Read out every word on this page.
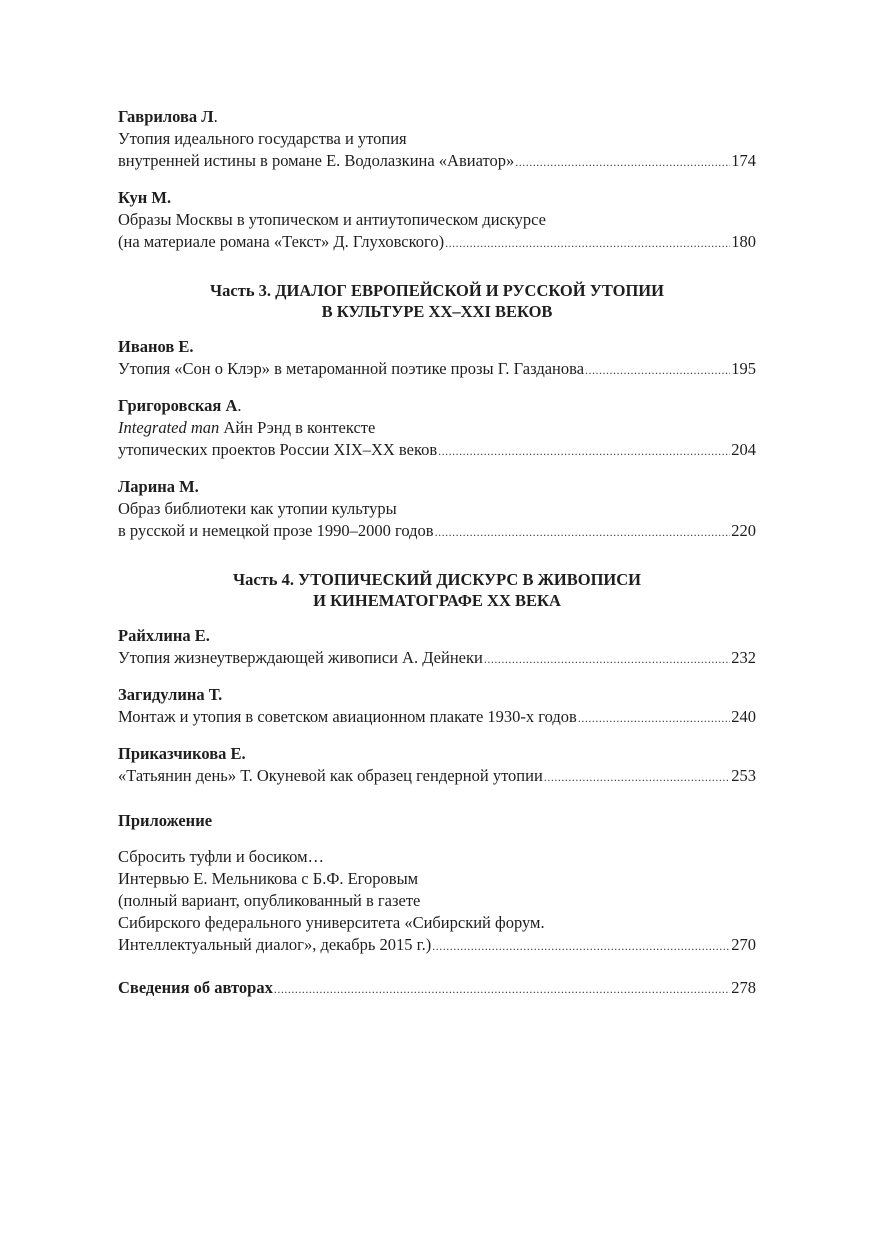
Гаврилова Л.
Утопия идеального государства и утопия
внутренней истины в романе Е. Водолазкина «Авиатор» .....	174
Кун М.
Образы Москвы в утопическом и антиутопическом дискурсе
(на материале романа «Текст» Д. Глуховского) .....	180
Часть 3. ДИАЛОГ ЕВРОПЕЙСКОЙ И РУССКОЙ УТОПИИ
В КУЛЬТУРЕ XX–XXI ВЕКОВ
Иванов Е.
Утопия «Сон о Клэр» в метароманной поэтике прозы Г. Газданова .....	195
Григоровская А.
Integrated man Айн Рэнд в контексте
утопических проектов России XIX–XX веков .....	204
Ларина М.
Образ библиотеки как утопии культуры
в русской и немецкой прозе 1990–2000 годов .....	220
Часть 4. УТОПИЧЕСКИЙ ДИСКУРС В ЖИВОПИСИ
И КИНЕМАТОГРАФЕ XX ВЕКА
Райхлина Е.
Утопия жизнеутверждающей живописи А. Дейнеки .....	232
Загидулина Т.
Монтаж и утопия в советском авиационном плакате 1930-х годов .....	240
Приказчикова Е.
«Татьянин день» Т. Окуневой как образец гендерной утопии .....	253
Приложение
Сбросить туфли и босиком…
Интервью Е. Мельникова с Б.Ф. Егоровым
(полный вариант, опубликованный в газете
Сибирского федерального университета «Сибирский форум.
Интеллектуальный диалог», декабрь 2015 г.) .....	270
Сведения об авторах .....	278
